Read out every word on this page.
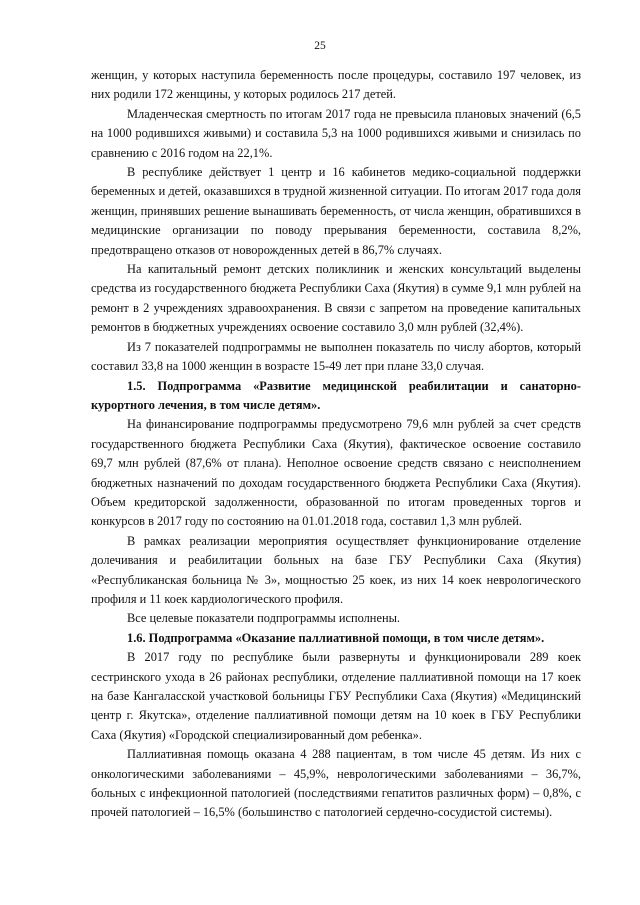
25

женщин, у которых наступила беременность после процедуры, составило 197 человек, из них родили 172 женщины, у которых родилось 217 детей.

Младенческая смертность по итогам 2017 года не превысила плановых значений (6,5 на 1000 родившихся живыми) и составила 5,3 на 1000 родившихся живыми и снизилась по сравнению с 2016 годом на 22,1%.

В республике действует 1 центр и 16 кабинетов медико-социальной поддержки беременных и детей, оказавшихся в трудной жизненной ситуации. По итогам 2017 года доля женщин, принявших решение вынашивать беременность, от числа женщин, обратившихся в медицинские организации по поводу прерывания беременности, составила 8,2%, предотвращено отказов от новорожденных детей в 86,7% случаях.

На капитальный ремонт детских поликлиник и женских консультаций выделены средства из государственного бюджета Республики Саха (Якутия) в сумме 9,1 млн рублей на ремонт в 2 учреждениях здравоохранения. В связи с запретом на проведение капитальных ремонтов в бюджетных учреждениях освоение составило 3,0 млн рублей (32,4%).

Из 7 показателей подпрограммы не выполнен показатель по числу абортов, который составил 33,8 на 1000 женщин в возрасте 15-49 лет при плане 33,0 случая.

1.5. Подпрограмма «Развитие медицинской реабилитации и санаторно-курортного лечения, в том числе детям».

На финансирование подпрограммы предусмотрено 79,6 млн рублей за счет средств государственного бюджета Республики Саха (Якутия), фактическое освоение составило 69,7 млн рублей (87,6% от плана). Неполное освоение средств связано с неисполнением бюджетных назначений по доходам государственного бюджета Республики Саха (Якутия). Объем кредиторской задолженности, образованной по итогам проведенных торгов и конкурсов в 2017 году по состоянию на 01.01.2018 года, составил 1,3 млн рублей.

В рамках реализации мероприятия осуществляет функционирование отделение долечивания и реабилитации больных на базе ГБУ Республики Саха (Якутия) «Республиканская больница № 3», мощностью 25 коек, из них 14 коек неврологического профиля и 11 коек кардиологического профиля.

Все целевые показатели подпрограммы исполнены.

1.6. Подпрограмма «Оказание паллиативной помощи, в том числе детям».

В 2017 году по республике были развернуты и функционировали 289 коек сестринского ухода в 26 районах республики, отделение паллиативной помощи на 17 коек на базе Кангаласской участковой больницы ГБУ Республики Саха (Якутия) «Медицинский центр г. Якутска», отделение паллиативной помощи детям на 10 коек в ГБУ Республики Саха (Якутия) «Городской специализированный дом ребенка».

Паллиативная помощь оказана 4 288 пациентам, в том числе 45 детям. Из них с онкологическими заболеваниями – 45,9%, неврологическими заболеваниями – 36,7%, больных с инфекционной патологией (последствиями гепатитов различных форм) – 0,8%, с прочей патологией – 16,5% (большинство с патологией сердечно-сосудистой системы).
